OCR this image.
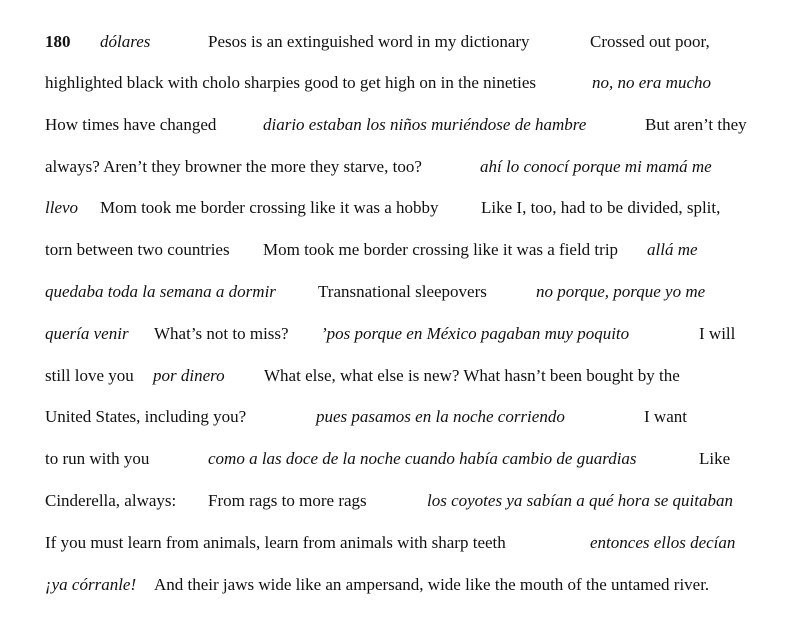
180 dólares	Pesos is an extinguished word in my dictionary	Crossed out poor,
highlighted black with cholo sharpies good to get high on in the nineties	no, no era mucho
How times have changed	diario estaban los niños muriéndose de hambre	But aren’t they
always? Aren’t they browner the more they starve, too?	ahí lo conocí porque mi mamá me
llevo Mom took me border crossing like it was a hobby Like I, too, had to be divided, split,
torn between two countries Mom took me border crossing like it was a field trip allá me
quedaba toda la semana a dormir Transnational sleepovers	no porque, porque yo me
quería venir What’s not to miss? ’pos porque en México pagaban muy poquito	I will
still love you por dinero What else, what else is new? What hasn’t been bought by the
United States, including you?	pues pasamos en la noche corriendo	I want
to run with you	como a las doce de la noche cuando había cambio de guardias	Like
Cinderella, always: From rags to more rags	los coyotes ya sabían a qué hora se quitaban
If you must learn from animals, learn from animals with sharp teeth	entonces ellos decían
¡ya córranle! And their jaws wide like an ampersand, wide like the mouth of the untamed river.
